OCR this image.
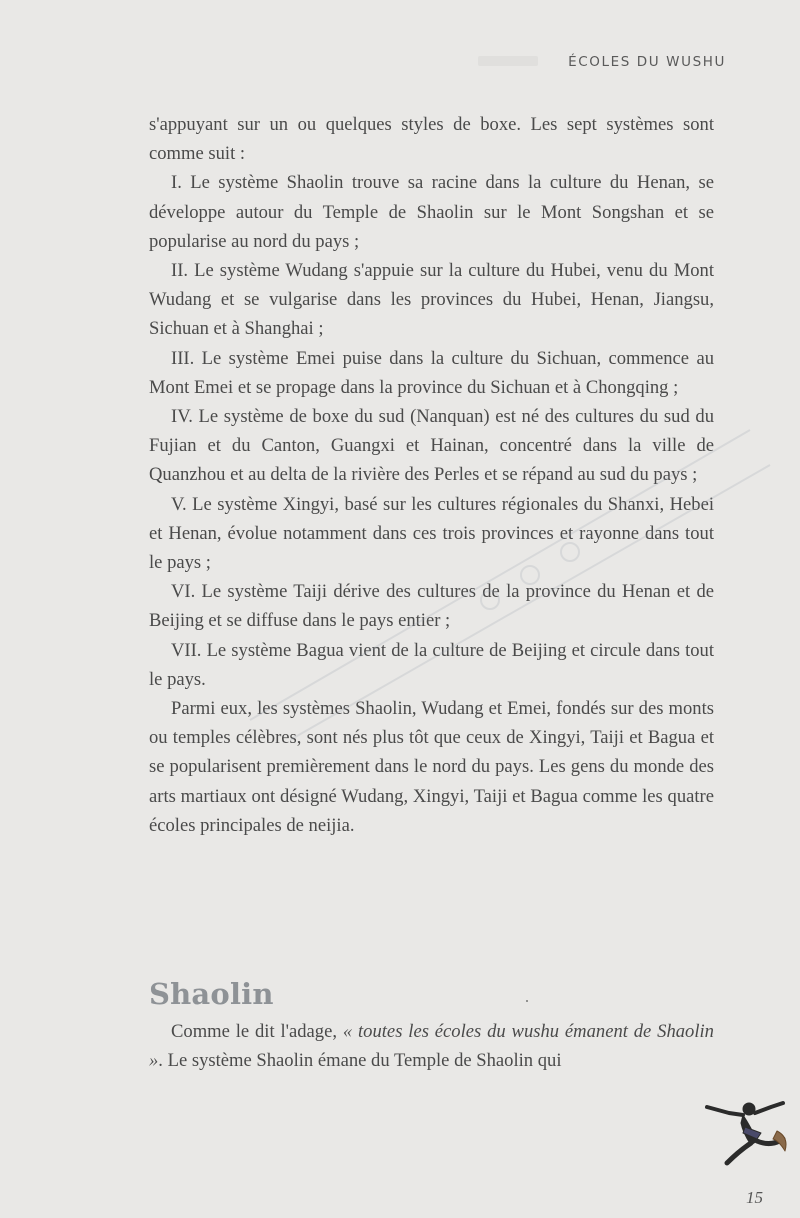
ÉCOLES DU WUSHU

s'appuyant sur un ou quelques styles de boxe. Les sept systèmes sont comme suit :

I. Le système Shaolin trouve sa racine dans la culture du Henan, se développe autour du Temple de Shaolin sur le Mont Songshan et se popularise au nord du pays ;

II. Le système Wudang s'appuie sur la culture du Hubei, venu du Mont Wudang et se vulgarise dans les provinces du Hubei, Henan, Jiangsu, Sichuan et à Shanghai ;

III. Le système Emei puise dans la culture du Sichuan, commence au Mont Emei et se propage dans la province du Sichuan et à Chongqing ;

IV. Le système de boxe du sud (Nanquan) est né des cultures du sud du Fujian et du Canton, Guangxi et Hainan, concentré dans la ville de Quanzhou et au delta de la rivière des Perles et se répand au sud du pays ;

V. Le système Xingyi, basé sur les cultures régionales du Shanxi, Hebei et Henan, évolue notamment dans ces trois provinces et rayonne dans tout le pays ;

VI. Le système Taiji dérive des cultures de la province du Henan et de Beijing et se diffuse dans le pays entier ;

VII. Le système Bagua vient de la culture de Beijing et circule dans tout le pays.

Parmi eux, les systèmes Shaolin, Wudang et Emei, fondés sur des monts ou temples célèbres, sont nés plus tôt que ceux de Xingyi, Taiji et Bagua et se popularisent premièrement dans le nord du pays. Les gens du monde des arts martiaux ont désigné Wudang, Xingyi, Taiji et Bagua comme les quatre écoles principales de neijia.

Shaolin

Comme le dit l'adage, « toutes les écoles du wushu émanent de Shaolin ». Le système Shaolin émane du Temple de Shaolin qui

15
